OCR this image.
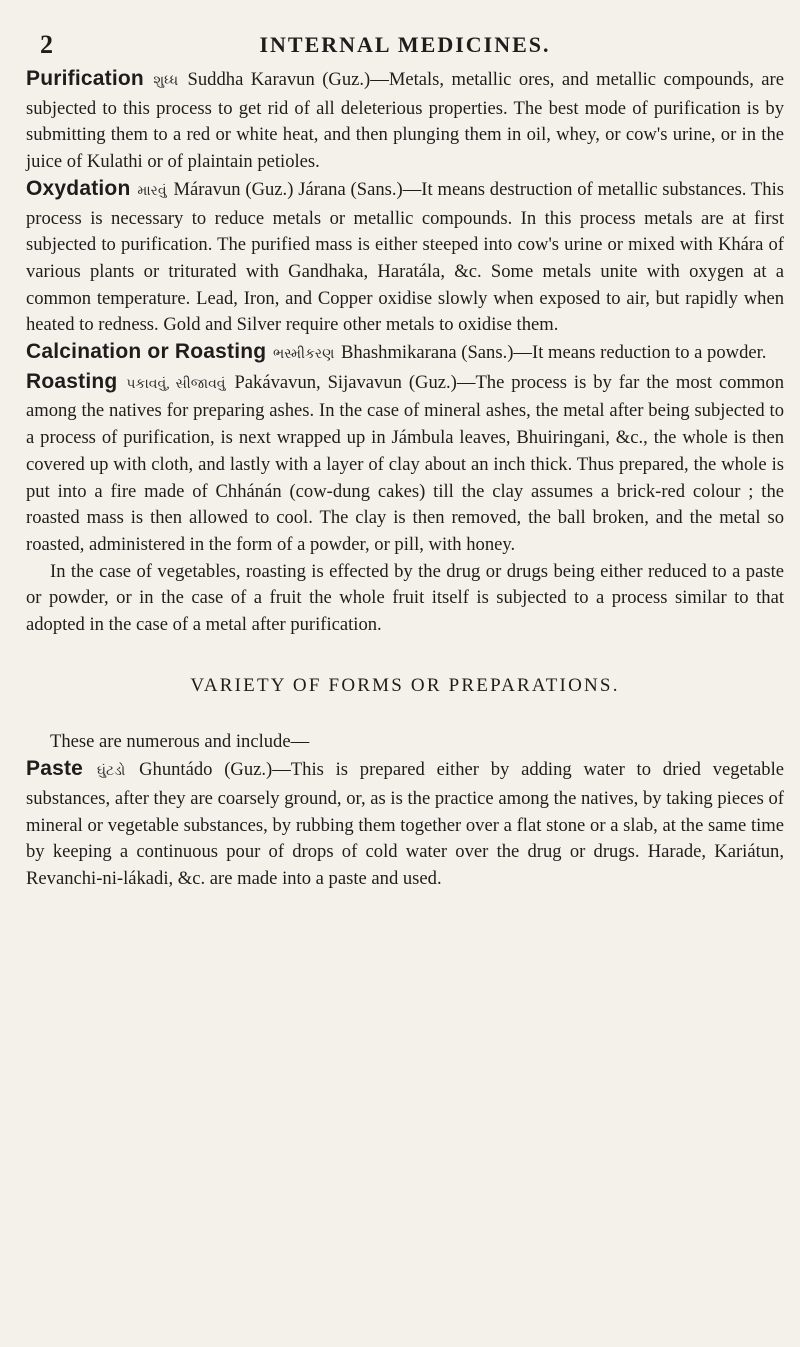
2	INTERNAL MEDICINES.

Purification શુધ્ધ Suddha Karavun (Guz.)—Metals, metallic ores, and metallic compounds, are subjected to this process to get rid of all deleterious properties. The best mode of purification is by submitting them to a red or white heat, and then plunging them in oil, whey, or cow's urine, or in the juice of Kulathi or of plaintain petioles.

Oxydation મારવું Máravun (Guz.) Járana (Sans.)—It means destruction of metallic substances. This process is necessary to reduce metals or metallic compounds. In this process metals are at first subjected to purification. The purified mass is either steeped into cow's urine or mixed with Khára of various plants or triturated with Gandhaka, Haratála, &c. Some metals unite with oxygen at a common temperature. Lead, Iron, and Copper oxidise slowly when exposed to air, but rapidly when heated to redness. Gold and Silver require other metals to oxidise them.

Calcination or Roasting ભસ્મીકરણ Bhashmikarana (Sans.)—It means reduction to a powder.

Roasting પકાવવું, સીજાવવું Pakávavun, Sijavavun (Guz.)—The process is by far the most common among the natives for preparing ashes. In the case of mineral ashes, the metal after being subjected to a process of purification, is next wrapped up in Jámbula leaves, Bhuiringani, &c., the whole is then covered up with cloth, and lastly with a layer of clay about an inch thick. Thus prepared, the whole is put into a fire made of Chhánán (cow-dung cakes) till the clay assumes a brick-red colour ; the roasted mass is then allowed to cool. The clay is then removed, the ball broken, and the metal so roasted, administered in the form of a powder, or pill, with honey.

In the case of vegetables, roasting is effected by the drug or drugs being either reduced to a paste or powder, or in the case of a fruit the whole fruit itself is subjected to a process similar to that adopted in the case of a metal after purification.

VARIETY OF FORMS OR PREPARATIONS.

These are numerous and include—

Paste ઘુંટડો Ghuntádo (Guz.)—This is prepared either by adding water to dried vegetable substances, after they are coarsely ground, or, as is the practice among the natives, by taking pieces of mineral or vegetable substances, by rubbing them together over a flat stone or a slab, at the same time by keeping a continuous pour of drops of cold water over the drug or drugs. Harade, Kariátun, Revanchi-ni-lákadi, &c. are made into a paste and used.
